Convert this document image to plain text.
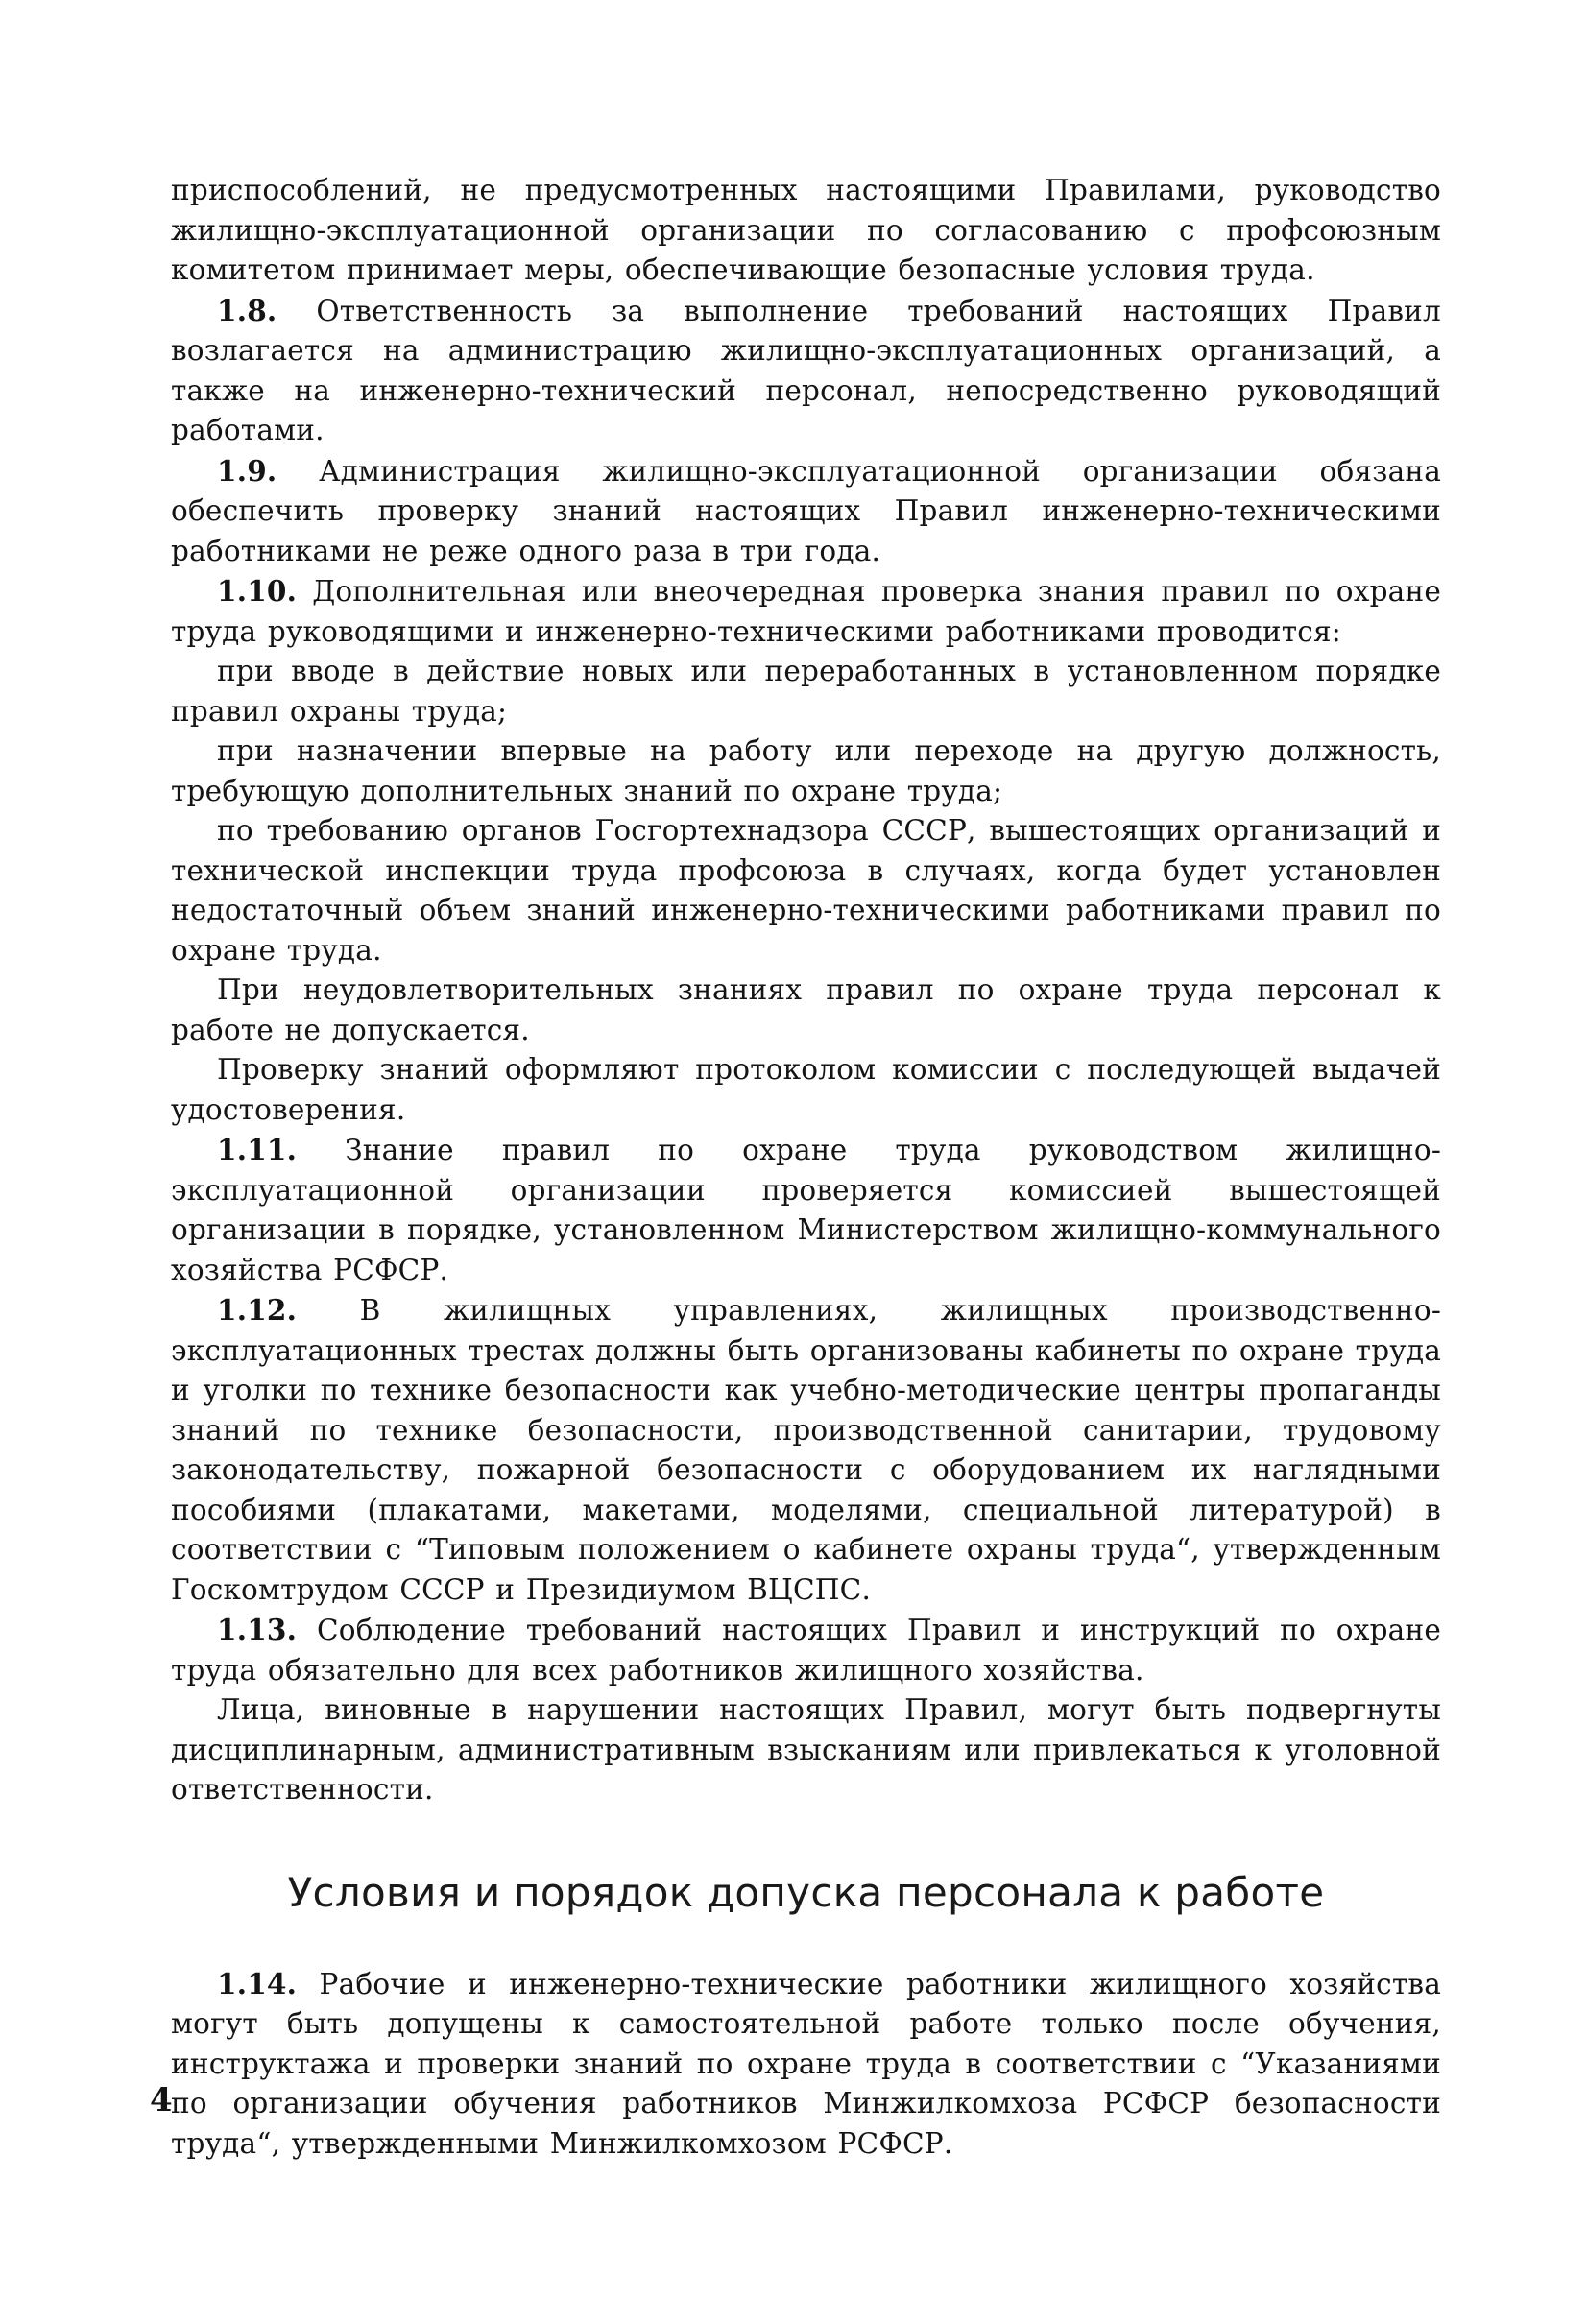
приспособлений, не предусмотренных настоящими Правилами, руководство жилищно-эксплуатационной организации по согласованию с профсоюзным комитетом принимает меры, обеспечивающие безопасные условия труда.

1.8. Ответственность за выполнение требований настоящих Правил возлагается на администрацию жилищно-эксплуатационных организаций, а также на инженерно-технический персонал, непосредственно руководящий работами.

1.9. Администрация жилищно-эксплуатационной организации обязана обеспечить проверку знаний настоящих Правил инженерно-техническими работниками не реже одного раза в три года.

1.10. Дополнительная или внеочередная проверка знания правил по охране труда руководящими и инженерно-техническими работниками проводится:

при вводе в действие новых или переработанных в установленном порядке правил охраны труда;

при назначении впервые на работу или переходе на другую должность, требующую дополнительных знаний по охране труда;

по требованию органов Госгортехнадзора СССР, вышестоящих организаций и технической инспекции труда профсоюза в случаях, когда будет установлен недостаточный объем знаний инженерно-техническими работниками правил по охране труда.

При неудовлетворительных знаниях правил по охране труда персонал к работе не допускается.

Проверку знаний оформляют протоколом комиссии с последующей выдачей удостоверения.

1.11. Знание правил по охране труда руководством жилищно-эксплуатационной организации проверяется комиссией вышестоящей организации в порядке, установленном Министерством жилищно-коммунального хозяйства РСФСР.

1.12. В жилищных управлениях, жилищных производственно-эксплуатационных трестах должны быть организованы кабинеты по охране труда и уголки по технике безопасности как учебно-методические центры пропаганды знаний по технике безопасности, производственной санитарии, трудовому законодательству, пожарной безопасности с оборудованием их наглядными пособиями (плакатами, макетами, моделями, специальной литературой) в соответствии с “Типовым положением о кабинете охраны труда“, утвержденным Госкомтрудом СССР и Президиумом ВЦСПС.

1.13. Соблюдение требований настоящих Правил и инструкций по охране труда обязательно для всех работников жилищного хозяйства.

Лица, виновные в нарушении настоящих Правил, могут быть подвергнуты дисциплинарным, административным взысканиям или привлекаться к уголовной ответственности.

Условия и порядок допуска персонала к работе

1.14. Рабочие и инженерно-технические работники жилищного хозяйства могут быть допущены к самостоятельной работе только после обучения, инструктажа и проверки знаний по охране труда в соответствии с “Указаниями по организации обучения работников Минжилкомхоза РСФСР безопасности труда“, утвержденными Минжилкомхозом РСФСР.

4
